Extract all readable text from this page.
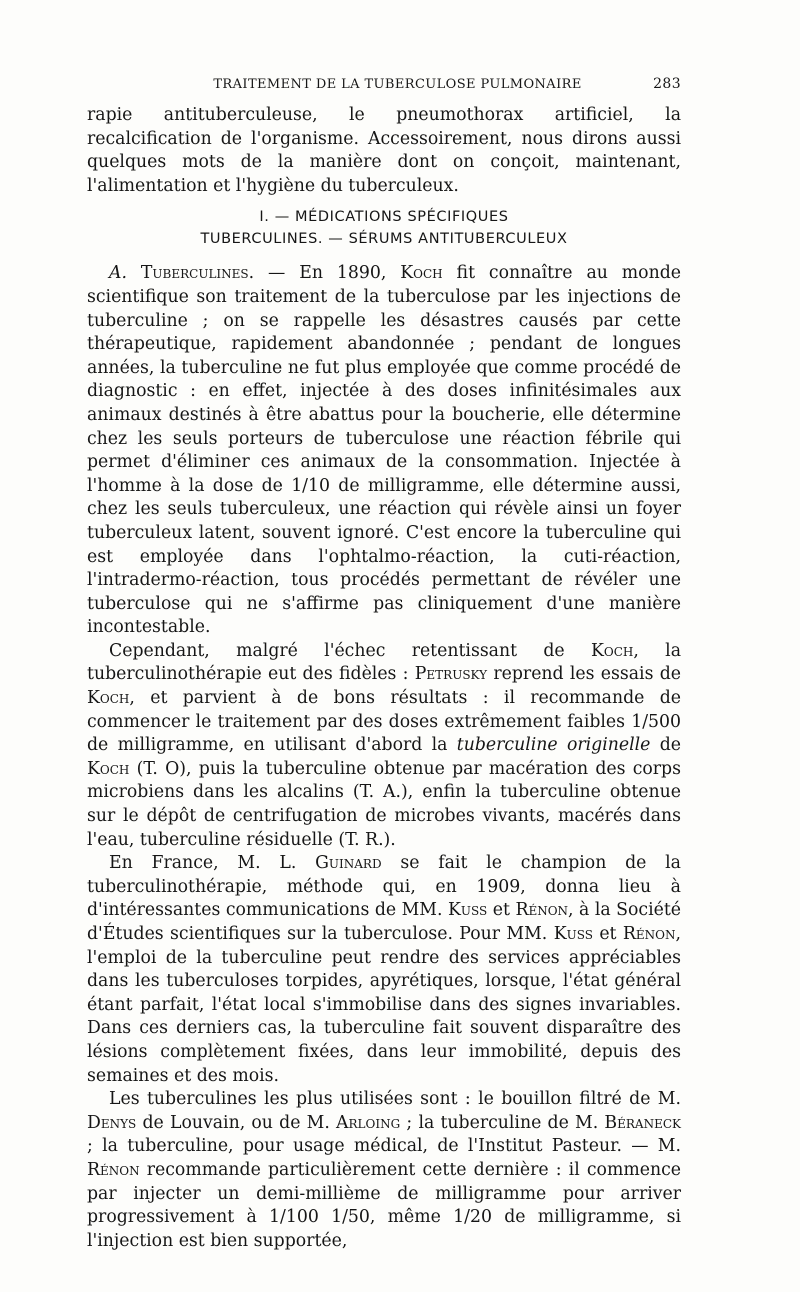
TRAITEMENT DE LA TUBERCULOSE PULMONAIRE	283

rapie antituberculeuse, le pneumothorax artificiel, la recalcification de l'organisme. Accessoirement, nous dirons aussi quelques mots de la manière dont on conçoit, maintenant, l'alimentation et l'hygiène du tuberculeux.

I. — MÉDICATIONS SPÉCIFIQUES
TUBERCULINES. — SÉRUMS ANTITUBERCULEUX

A. Tuberculines. — En 1890, Koch fit connaître au monde scientifique son traitement de la tuberculose par les injections de tuberculine ; on se rappelle les désastres causés par cette thérapeutique, rapidement abandonnée ; pendant de longues années, la tuberculine ne fut plus employée que comme procédé de diagnostic : en effet, injectée à des doses infinitésimales aux animaux destinés à être abattus pour la boucherie, elle détermine chez les seuls porteurs de tuberculose une réaction fébrile qui permet d'éliminer ces animaux de la consommation. Injectée à l'homme à la dose de 1/10 de milligramme, elle détermine aussi, chez les seuls tuberculeux, une réaction qui révèle ainsi un foyer tuberculeux latent, souvent ignoré. C'est encore la tuberculine qui est employée dans l'ophtalmo-réaction, la cuti-réaction, l'intradermo-réaction, tous procédés permettant de révéler une tuberculose qui ne s'affirme pas cliniquement d'une manière incontestable.

Cependant, malgré l'échec retentissant de Koch, la tuberculinothérapie eut des fidèles : Petrusky reprend les essais de Koch, et parvient à de bons résultats : il recommande de commencer le traitement par des doses extrêmement faibles 1/500 de milligramme, en utilisant d'abord la tuberculine originelle de Koch (T. O), puis la tuberculine obtenue par macération des corps microbiens dans les alcalins (T. A.), enfin la tuberculine obtenue sur le dépôt de centrifugation de microbes vivants, macérés dans l'eau, tuberculine résiduelle (T. R.).

En France, M. L. Guinard se fait le champion de la tuberculinothérapie, méthode qui, en 1909, donna lieu à d'intéressantes communications de MM. Kuss et Rénon, à la Société d'Études scientifiques sur la tuberculose. Pour MM. Kuss et Rénon, l'emploi de la tuberculine peut rendre des services appréciables dans les tuberculoses torpides, apyrétiques, lorsque, l'état général étant parfait, l'état local s'immobilise dans des signes invariables. Dans ces derniers cas, la tuberculine fait souvent disparaître des lésions complètement fixées, dans leur immobilité, depuis des semaines et des mois.

Les tuberculines les plus utilisées sont : le bouillon filtré de M. Denys de Louvain, ou de M. Arloing ; la tuberculine de M. Béraneck ; la tuberculine, pour usage médical, de l'Institut Pasteur. — M. Rénon recommande particulièrement cette dernière : il commence par injecter un demi-millième de milligramme pour arriver progressivement à 1/100 1/50, même 1/20 de milligramme, si l'injection est bien supportée,
